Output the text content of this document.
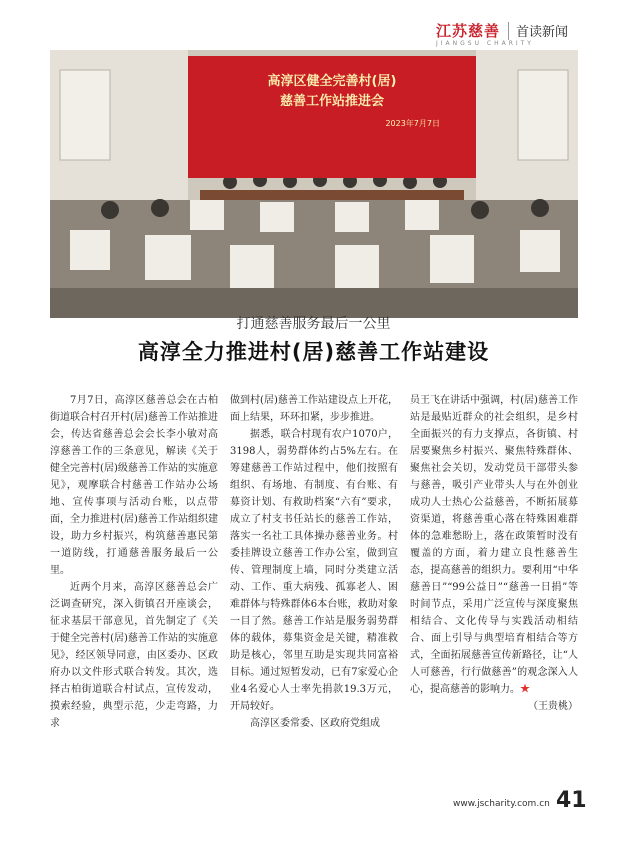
江苏慈善
JIANGSU CHARITY
首读新闻
高淳区健全完善村(居)
慈善工作站推进会
2023年7月7日
打通慈善服务最后一公里
高淳全力推进村(居)慈善工作站建设

7月7日，高淳区慈善总会在古柏街道联合村召开村(居)慈善工作站推进会，传达省慈善总会会长李小敏对高淳慈善工作的三条意见，解读《关于健全完善村(居)级慈善工作站的实施意见》，观摩联合村慈善工作站办公场地、宣传事项与活动台账，以点带面，全力推进村(居)慈善工作站组织建设，助力乡村振兴，构筑慈善惠民第一道防线，打通慈善服务最后一公里。

近两个月来，高淳区慈善总会广泛调查研究，深入街镇召开座谈会，征求基层干部意见，首先制定了《关于健全完善村(居)慈善工作站的实施意见》，经区领导同意，由区委办、区政府办以文件形式联合转发。其次，选择古柏街道联合村试点，宣传发动，摸索经验，典型示范，少走弯路，力求

做到村(居)慈善工作站建设点上开花，面上结果，环环扣紧，步步推进。

据悉，联合村现有农户1070户，3198人，弱势群体约占5%左右。在筹建慈善工作站过程中，他们按照有组织、有场地、有制度、有台账、有募资计划、有救助档案“六有”要求，成立了村支书任站长的慈善工作站，落实一名社工具体操办慈善业务。村委挂牌设立慈善工作办公室，做到宣传、管理制度上墙，同时分类建立活动、工作、重大病残、孤寡老人、困难群体与特殊群体6本台账，救助对象一目了然。慈善工作站是服务弱势群体的载体，募集资金是关键，精准救助是核心，邻里互助是实现共同富裕目标。通过短暂发动，已有7家爱心企业4名爱心人士率先捐款19.3万元，开局较好。

高淳区委常委、区政府党组成

员王飞在讲话中强调，村(居)慈善工作站是最贴近群众的社会组织，是乡村全面振兴的有力支撑点，各街镇、村居要聚焦乡村振兴、聚焦特殊群体、聚焦社会关切，发动党员干部带头参与慈善，吸引产业带头人与在外创业成功人士热心公益慈善，不断拓展募资渠道，将慈善重心落在特殊困难群体的急难愁盼上，落在政策暂时没有覆盖的方面，着力建立良性慈善生态，提高慈善的组织力。要利用“中华慈善日”“99公益日”“慈善一日捐”等时间节点，采用广泛宣传与深度聚焦相结合、文化传导与实践活动相结合、面上引导与典型培育相结合等方式，全面拓展慈善宣传新路径，让“人人可慈善，行行做慈善”的观念深入人心，提高慈善的影响力。★
（王贵桃）

www.jscharity.com.cn 41
